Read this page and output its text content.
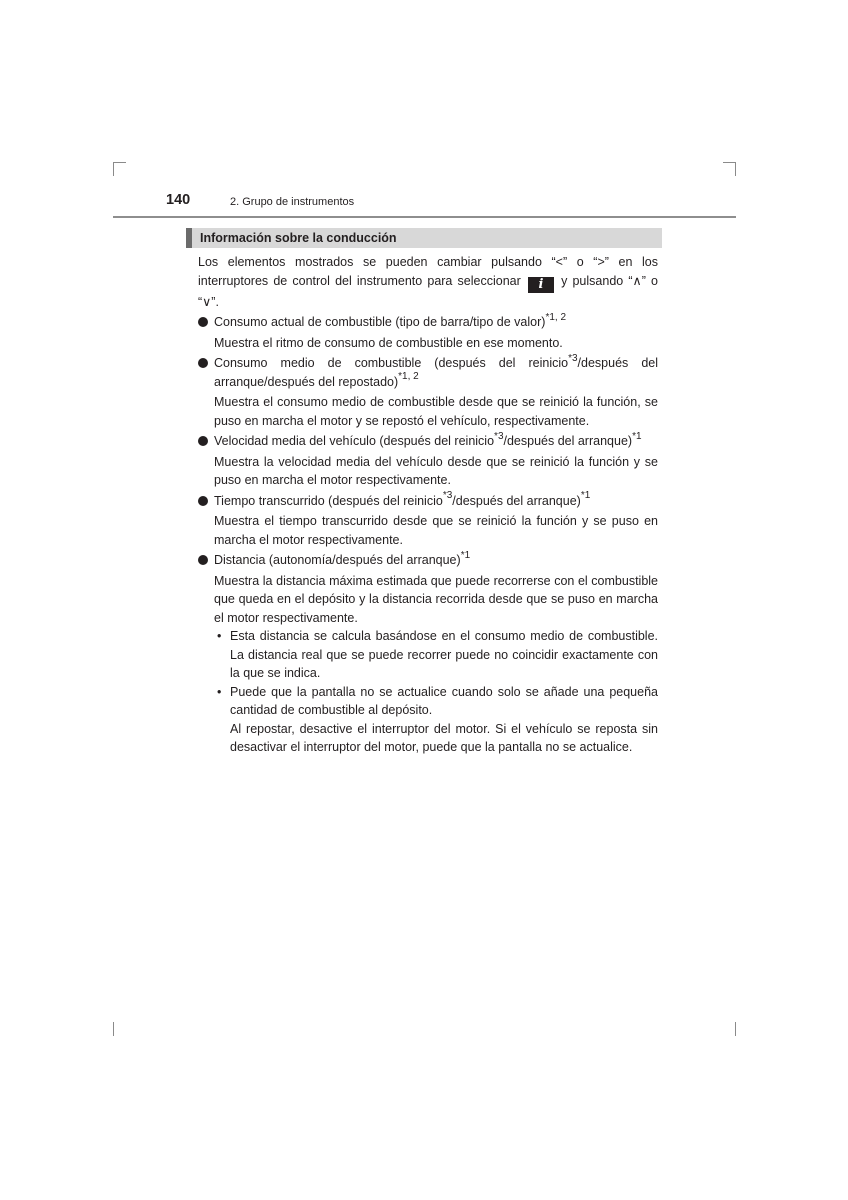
140	2. Grupo de instrumentos
Información sobre la conducción

Los elementos mostrados se pueden cambiar pulsando “<” o “>” en los interruptores de control del instrumento para seleccionar i y pulsando “∧” o “∨”.

Consumo actual de combustible (tipo de barra/tipo de valor)$^{*1, 2}$

Muestra el ritmo de consumo de combustible en ese momento.

Consumo medio de combustible (después del reinicio$^{*3}$/después del arranque/después del repostado)$^{*1, 2}$

Muestra el consumo medio de combustible desde que se reinició la función, se puso en marcha el motor y se repostó el vehículo, respectivamente.

Velocidad media del vehículo (después del reinicio$^{*3}$/después del arranque)$^{*1}$

Muestra la velocidad media del vehículo desde que se reinició la función y se puso en marcha el motor respectivamente.

Tiempo transcurrido (después del reinicio$^{*3}$/después del arranque)$^{*1}$

Muestra el tiempo transcurrido desde que se reinició la función y se puso en marcha el motor respectivamente.

Distancia (autonomía/después del arranque)$^{*1}$

Muestra la distancia máxima estimada que puede recorrerse con el combustible que queda en el depósito y la distancia recorrida desde que se puso en marcha el motor respectivamente.

• Esta distancia se calcula basándose en el consumo medio de combustible. La distancia real que se puede recorrer puede no coincidir exactamente con la que se indica.

• Puede que la pantalla no se actualice cuando solo se añade una pequeña cantidad de combustible al depósito.

Al repostar, desactive el interruptor del motor. Si el vehículo se reposta sin desactivar el interruptor del motor, puede que la pantalla no se actualice.
